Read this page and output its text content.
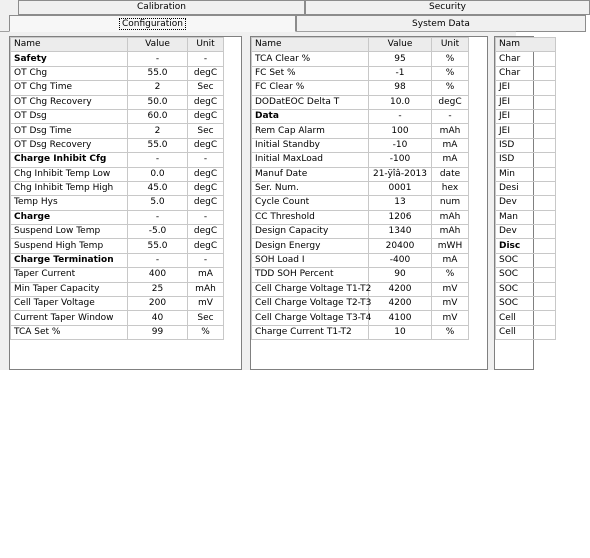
Calibration	Security
Configuration	System Data
Name	Value	Unit
Safety	-	-
OT Chg	55.0	degC
OT Chg Time	2	Sec
OT Chg Recovery	50.0	degC
OT Dsg	60.0	degC
OT Dsg Time	2	Sec
OT Dsg Recovery	55.0	degC
Charge Inhibit Cfg	-	-
Chg Inhibit Temp Low	0.0	degC
Chg Inhibit Temp High	45.0	degC
Temp Hys	5.0	degC
Charge	-	-
Suspend Low Temp	-5.0	degC
Suspend High Temp	55.0	degC
Charge Termination	-	-
Taper Current	400	mA
Min Taper Capacity	25	mAh
Cell Taper Voltage	200	mV
Current Taper Window	40	Sec
TCA Set %	99	%
Name	Value	Unit
TCA Clear %	95	%
FC Set %	-1	%
FC Clear %	98	%
DODatEOC Delta T	10.0	degC
Data	-	-
Rem Cap Alarm	100	mAh
Initial Standby	-10	mA
Initial MaxLoad	-100	mA
Manuf Date	21-ÿîâ-2013	date
Ser. Num.	0001	hex
Cycle Count	13	num
CC Threshold	1206	mAh
Design Capacity	1340	mAh
Design Energy	20400	mWH
SOH Load I	-400	mA
TDD SOH Percent	90	%
Cell Charge Voltage T1-T2	4200	mV
Cell Charge Voltage T2-T3	4200	mV
Cell Charge Voltage T3-T4	4100	mV
Charge Current T1-T2	10	%
Nam
Char
Char
JEI
JEI
JEI
JEI
ISD
ISD
Min
Desi
Dev
Man
Dev
Disc
SOC
SOC
SOC
SOC
Cell
Cell
